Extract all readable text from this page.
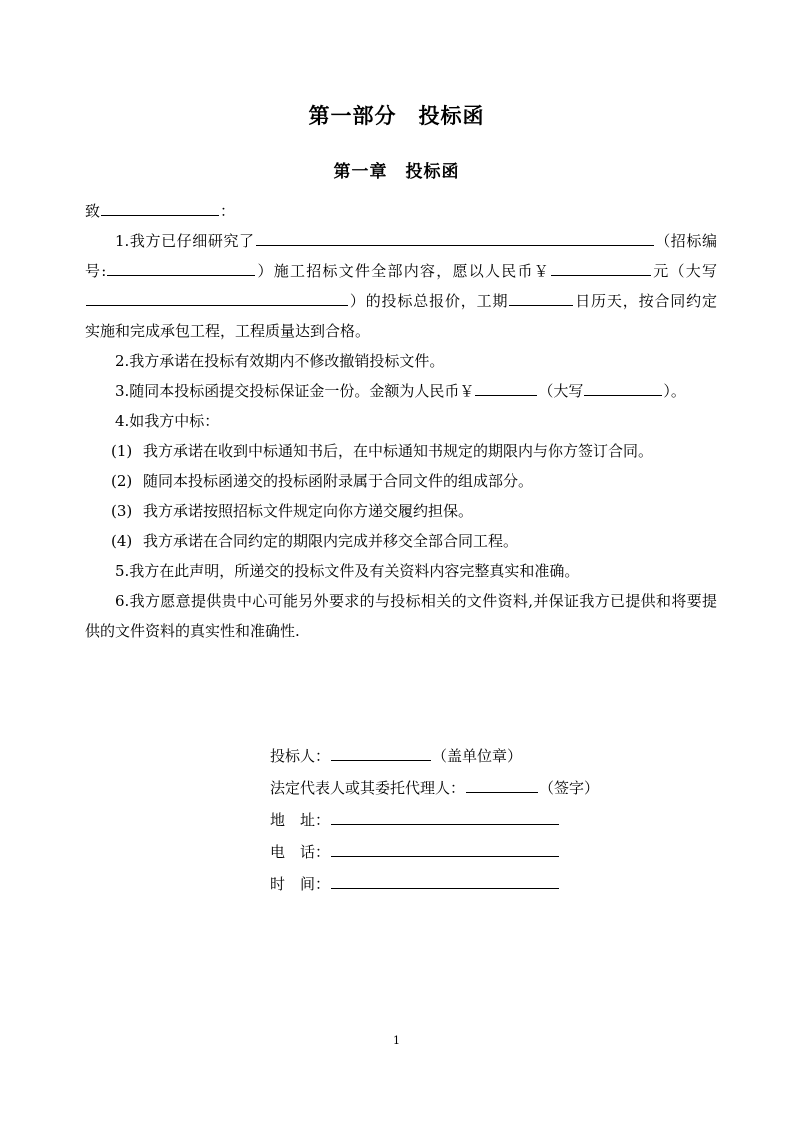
第一部分　投标函
第一章　投标函

致	：

1.我方已仔细研究了	（招标编号:	）施工招标文件全部内容，愿以人民币￥	元（大写）的投标总报价，工期	日历天，按合同约定实施和完成承包工程，工程质量达到合格。

2.我方承诺在投标有效期内不修改撤销投标文件。

3.随同本投标函提交投标保证金一份。金额为人民币￥	（大写	）。

4.如我方中标：

(1) 我方承诺在收到中标通知书后，在中标通知书规定的期限内与你方签订合同。

(2) 随同本投标函递交的投标函附录属于合同文件的组成部分。

(3) 我方承诺按照招标文件规定向你方递交履约担保。

(4) 我方承诺在合同约定的期限内完成并移交全部合同工程。

5.我方在此声明，所递交的投标文件及有关资料内容完整真实和准确。

6.我方愿意提供贵中心可能另外要求的与投标相关的文件资料,并保证我方已提供和将要提供的文件资料的真实性和准确性.

投标人：	（盖单位章）

法定代表人或其委托代理人：	（签字）

地　址：

电　话：

时　间：

1
